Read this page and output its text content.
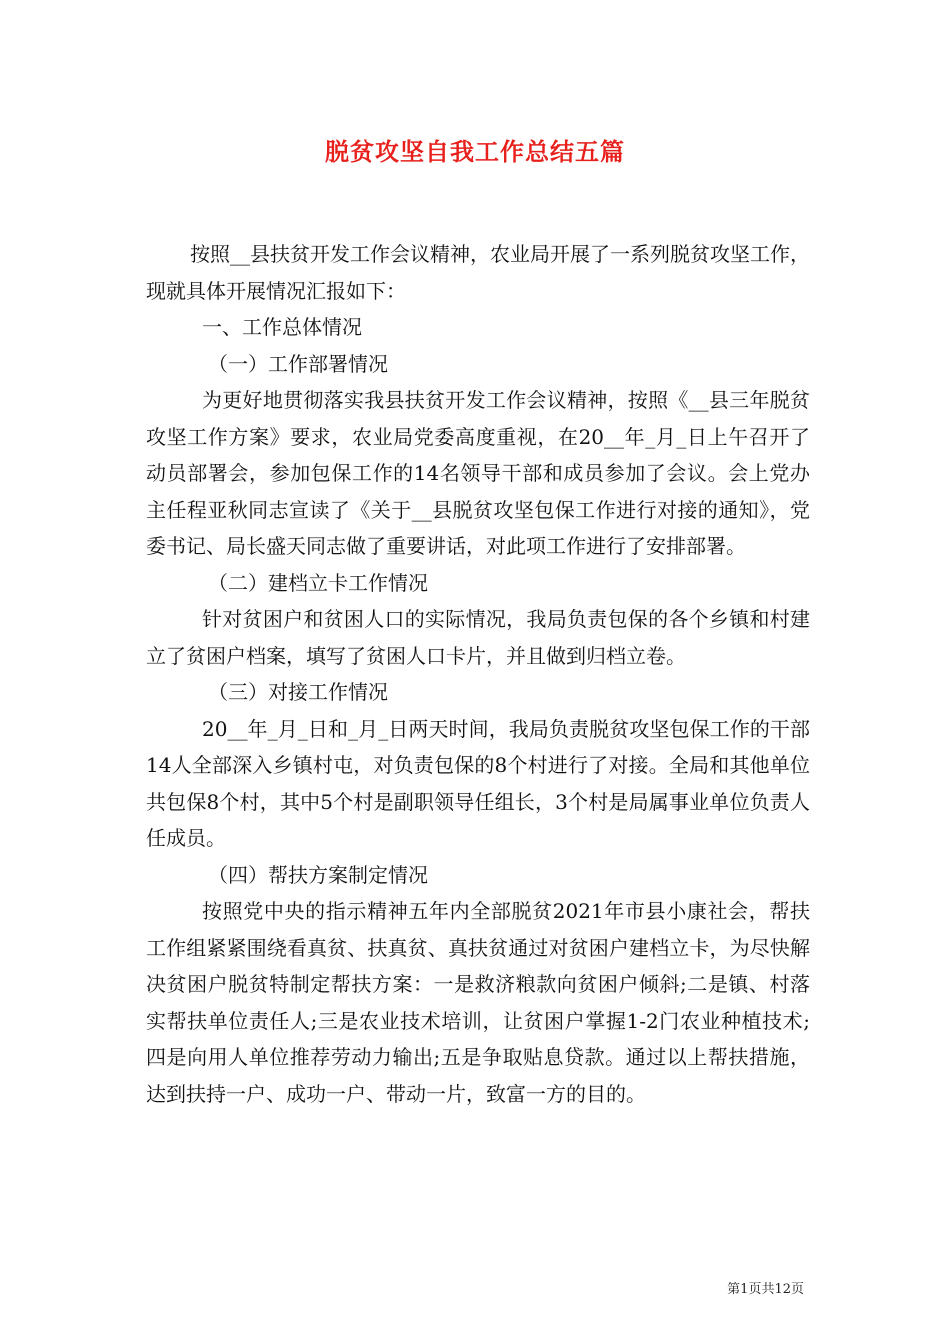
脱贫攻坚自我工作总结五篇

按照__县扶贫开发工作会议精神，农业局开展了一系列脱贫攻坚工作，现就具体开展情况汇报如下：

一、工作总体情况

（一）工作部署情况

为更好地贯彻落实我县扶贫开发工作会议精神，按照《__县三年脱贫攻坚工作方案》要求，农业局党委高度重视，在20__年_月_日上午召开了动员部署会，参加包保工作的14名领导干部和成员参加了会议。会上党办主任程亚秋同志宣读了《关于__县脱贫攻坚包保工作进行对接的通知》，党委书记、局长盛天同志做了重要讲话，对此项工作进行了安排部署。

（二）建档立卡工作情况

针对贫困户和贫困人口的实际情况，我局负责包保的各个乡镇和村建立了贫困户档案，填写了贫困人口卡片，并且做到归档立卷。

（三）对接工作情况

20__年_月_日和_月_日两天时间，我局负责脱贫攻坚包保工作的干部14人全部深入乡镇村屯，对负责包保的8个村进行了对接。全局和其他单位共包保8个村，其中5个村是副职领导任组长，3个村是局属事业单位负责人任成员。

（四）帮扶方案制定情况

按照党中央的指示精神五年内全部脱贫2021年市县小康社会，帮扶工作组紧紧围绕看真贫、扶真贫、真扶贫通过对贫困户建档立卡，为尽快解决贫困户脱贫特制定帮扶方案：一是救济粮款向贫困户倾斜;二是镇、村落实帮扶单位责任人;三是农业技术培训，让贫困户掌握1-2门农业种植技术;四是向用人单位推荐劳动力输出;五是争取贴息贷款。通过以上帮扶措施，达到扶持一户、成功一户、带动一片，致富一方的目的。

第1页共12页
